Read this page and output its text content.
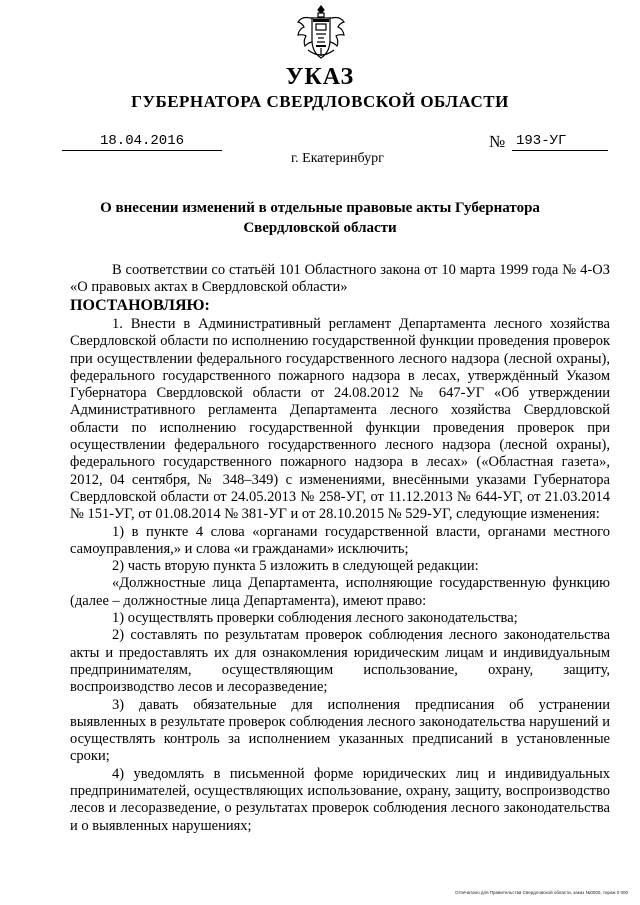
УКАЗ
ГУБЕРНАТОРА СВЕРДЛОВСКОЙ ОБЛАСТИ
18.04.2016	№ 193-УГ
г. Екатеринбург
О внесении изменений в отдельные правовые акты Губернатора Свердловской области

В соответствии со статьёй 101 Областного закона от 10 марта 1999 года № 4-ОЗ «О правовых актах в Свердловской области»

ПОСТАНОВЛЯЮ:

1. Внести в Административный регламент Департамента лесного хозяйства Свердловской области по исполнению государственной функции проведения проверок при осуществлении федерального государственного лесного надзора (лесной охраны), федерального государственного пожарного надзора в лесах, утверждённый Указом Губернатора Свердловской области от 24.08.2012 № 647-УГ «Об утверждении Административного регламента Департамента лесного хозяйства Свердловской области по исполнению государственной функции проведения проверок при осуществлении федерального государственного лесного надзора (лесной охраны), федерального государственного пожарного надзора в лесах» («Областная газета», 2012, 04 сентября, № 348–349) с изменениями, внесёнными указами Губернатора Свердловской области от 24.05.2013 № 258-УГ, от 11.12.2013 № 644-УГ, от 21.03.2014 № 151-УГ, от 01.08.2014 № 381-УГ и от 28.10.2015 № 529-УГ, следующие изменения:

1) в пункте 4 слова «органами государственной власти, органами местного самоуправления,» и слова «и гражданами» исключить;

2) часть вторую пункта 5 изложить в следующей редакции:

«Должностные лица Департамента, исполняющие государственную функцию (далее – должностные лица Департамента), имеют право:

1) осуществлять проверки соблюдения лесного законодательства;

2) составлять по результатам проверок соблюдения лесного законодательства акты и предоставлять их для ознакомления юридическим лицам и индивидуальным предпринимателям, осуществляющим использование, охрану, защиту, воспроизводство лесов и лесоразведение;

3) давать обязательные для исполнения предписания об устранении выявленных в результате проверок соблюдения лесного законодательства нарушений и осуществлять контроль за исполнением указанных предписаний в установленные сроки;

4) уведомлять в письменной форме юридических лиц и индивидуальных предпринимателей, осуществляющих использование, охрану, защиту, воспроизводство лесов и лесоразведение, о результатах проверок соблюдения лесного законодательства и о выявленных нарушениях;

Отпечатано для Правительства Свердловской области, заказ №0000, тираж 0 000
